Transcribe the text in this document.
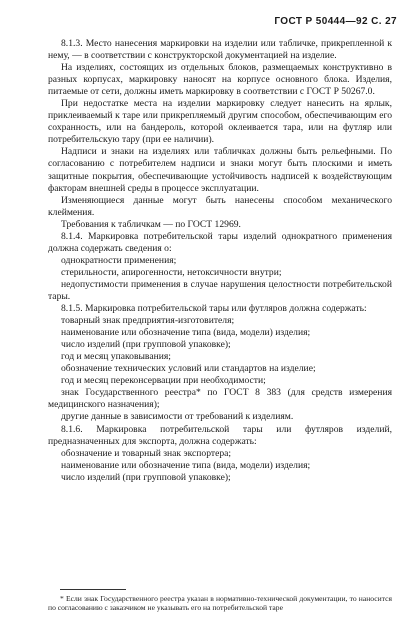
ГОСТ Р 50444—92 С. 27

8.1.3. Место нанесения маркировки на изделии или табличке, прикрепленной к нему, — в соответствии с конструкторской документацией на изделие.

На изделиях, состоящих из отдельных блоков, размещаемых конструктивно в разных корпусах, маркировку наносят на корпусе основного блока. Изделия, питаемые от сети, должны иметь маркировку в соответствии с ГОСТ Р 50267.0.

При недостатке места на изделии маркировку следует нанесить на ярлык, приклеиваемый к таре или прикрепляемый другим способом, обеспечивающим его сохранность, или на бандероль, которой оклеивается тара, или на футляр или потребительскую тару (при ее наличии).

Надписи и знаки на изделиях или табличках должны быть рельефными. По согласованию с потребителем надписи и знаки могут быть плоскими и иметь защитные покрытия, обеспечивающие устойчивость надписей к воздействующим факторам внешней среды в процессе эксплуатации.

Изменяющиеся данные могут быть нанесены способом механического клеймения.

Требования к табличкам — по ГОСТ 12969.

8.1.4. Маркировка потребительской тары изделий однократного применения должна содержать сведения о:

однократности применения;

стерильности, апирогенности, нетоксичности внутри;

недопустимости применения в случае нарушения целостности потребительской тары.

8.1.5. Маркировка потребительской тары или футляров должна содержать:

товарный знак предприятия-изготовителя;

наименование или обозначение типа (вида, модели) изделия;

число изделий (при групповой упаковке);

год и месяц упаковывания;

обозначение технических условий или стандартов на изделие;

год и месяц переконсервации при необходимости;

знак Государственного реестра* по ГОСТ 8 383 (для средств измерения медицинского назначения);

другие данные в зависимости от требований к изделиям.

8.1.6. Маркировка потребительской тары или футляров изделий, предназначенных для экспорта, должна содержать:

обозначение и товарный знак экспортера;

наименование или обозначение типа (вида, модели) изделия;

число изделий (при групповой упаковке);

* Если знак Государственного реестра указан в нормативно-технической документации, то наносится по согласованию с заказчиком не указывать его на потребительской таре
